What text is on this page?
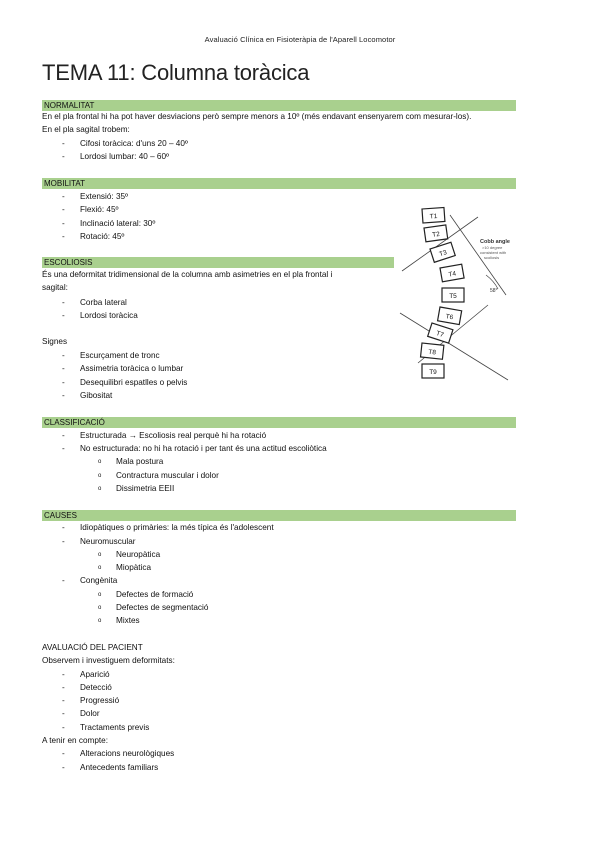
Avaluació Clínica en Fisioteràpia de l'Aparell Locomotor
TEMA 11: Columna toràcica
NORMALITAT
En el pla frontal hi ha pot haver desviacions però sempre menors a 10º (més endavant ensenyarem com mesurar-los).
En el pla sagital trobem:
- Cifosi toràcica: d'uns 20 – 40º
- Lordosi lumbar: 40 – 60º
MOBILITAT
- Extensió: 35º
- Flexió: 45º
- Inclinació lateral: 30º
- Rotació: 45º
ESCOLIOSIS
És una deformitat tridimensional de la columna amb asimetries en el pla frontal i
sagital:
- Corba lateral
- Lordosi toràcica
Signes
- Escurçament de tronc
- Assimetria toràcica o lumbar
- Desequilibri espatlles o pelvis
- Gibositat
CLASSIFICACIÓ
- Estructurada → Escoliosis real perquè hi ha rotació
- No estructurada: no hi ha rotació i per tant és una actitud escoliòtica
o Mala postura
o Contractura muscular i dolor
o Dissimetria EEII
CAUSES
- Idiopàtiques o primàries: la més típica és l'adolescent
- Neuromuscular
o Neuropàtica
o Miopàtica
- Congènita
o Defectes de formació
o Defectes de segmentació
o Mixtes
AVALUACIÓ DEL PACIENT
Observem i investiguem deformitats:
- Aparició
- Detecció
- Progressió
- Dolor
- Tractaments previs
A tenir en compte:
- Alteracions neurològiques
- Antecedents familiars
58°
Cobb angle
>10 degree
consistent with
scoliosis
T1
T2
T3
T4
T5
T6
T7
T8
T9
